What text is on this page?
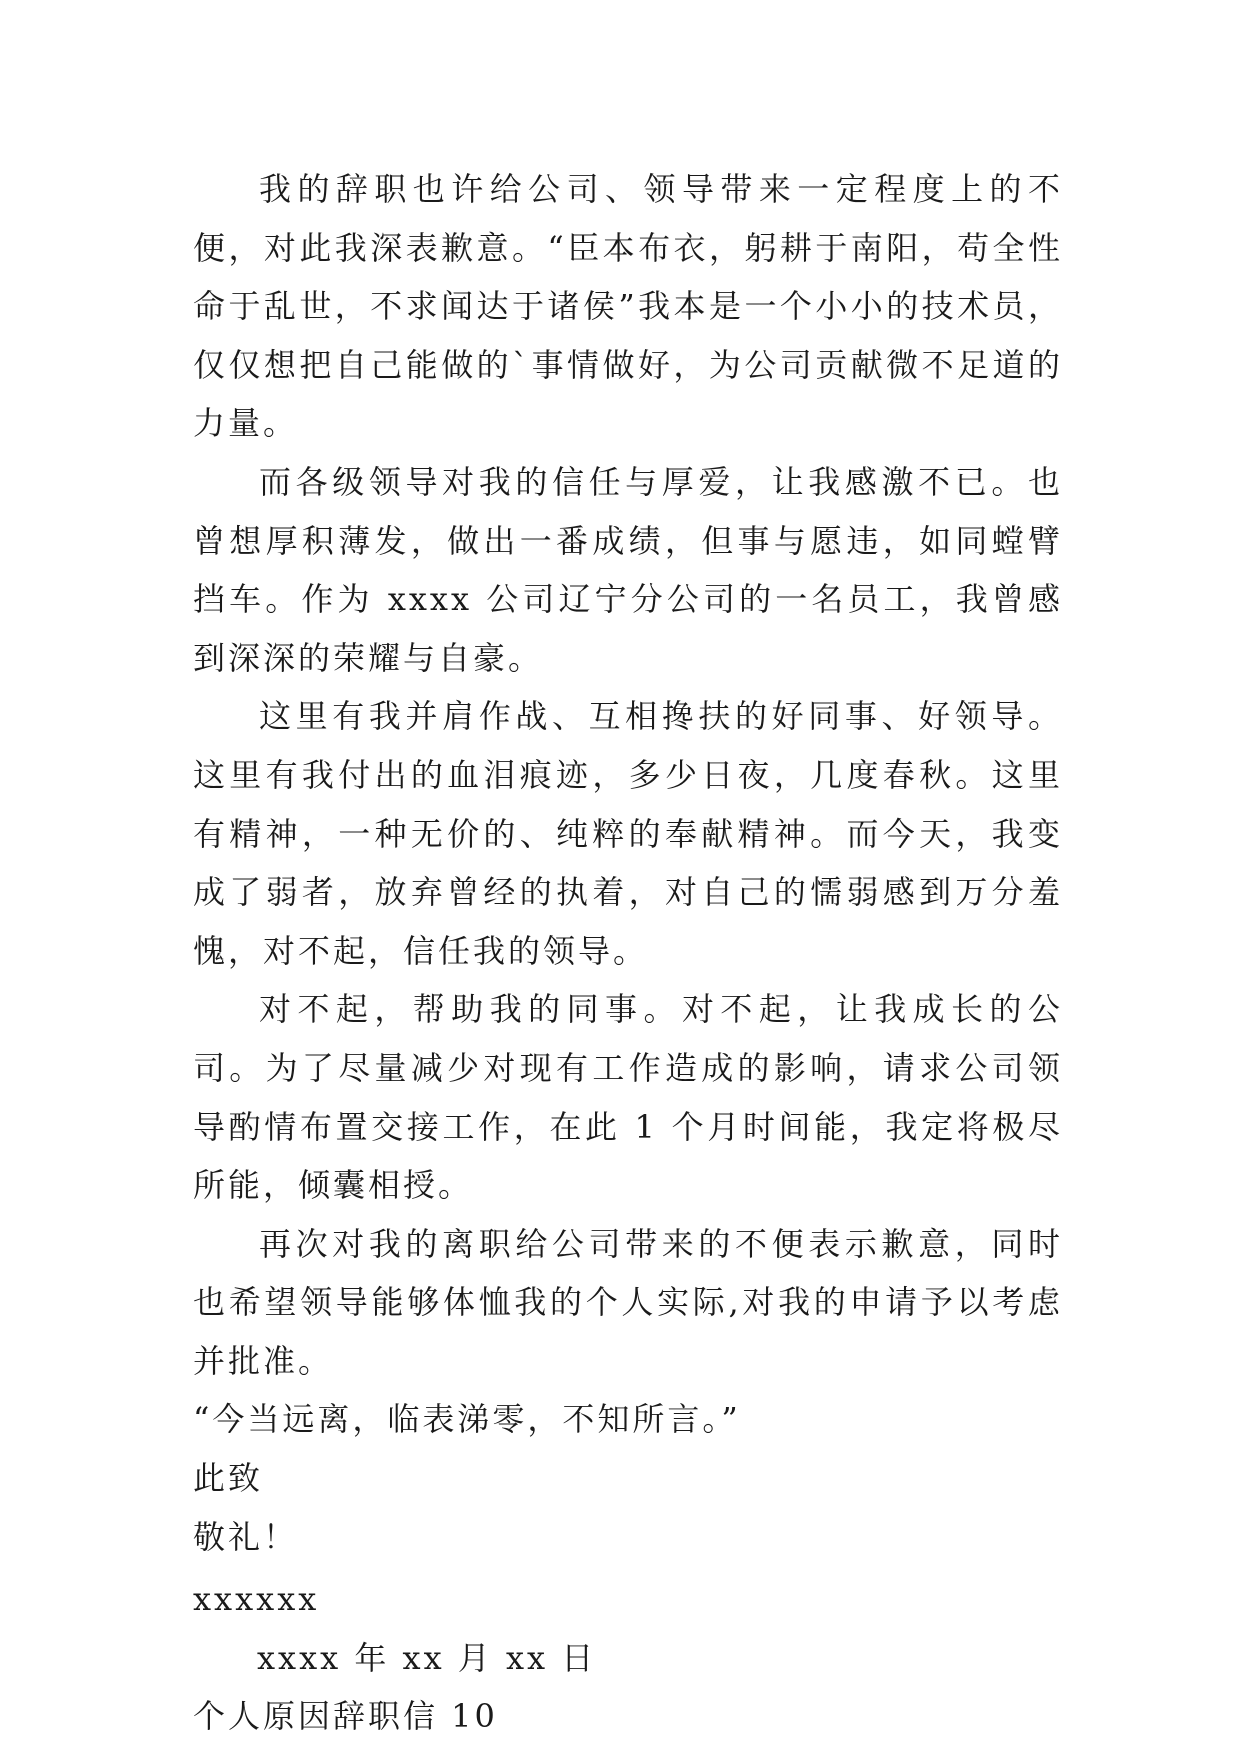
我的辞职也许给公司、领导带来一定程度上的不便，对此我深表歉意。“臣本布衣，躬耕于南阳，苟全性命于乱世，不求闻达于诸侯”我本是一个小小的技术员，仅仅想把自己能做的`事情做好，为公司贡献微不足道的力量。

而各级领导对我的信任与厚爱，让我感激不已。也曾想厚积薄发，做出一番成绩，但事与愿违，如同螳臂挡车。作为 xxxx 公司辽宁分公司的一名员工，我曾感到深深的荣耀与自豪。

这里有我并肩作战、互相搀扶的好同事、好领导。这里有我付出的血泪痕迹，多少日夜，几度春秋。这里有精神，一种无价的、纯粹的奉献精神。而今天，我变成了弱者，放弃曾经的执着，对自己的懦弱感到万分羞愧，对不起，信任我的领导。

对不起，帮助我的同事。对不起，让我成长的公司。为了尽量减少对现有工作造成的影响，请求公司领导酌情布置交接工作，在此 1 个月时间能，我定将极尽所能，倾囊相授。

再次对我的离职给公司带来的不便表示歉意，同时也希望领导能够体恤我的个人实际,对我的申请予以考虑并批准。

“今当远离，临表涕零，不知所言。”

此致

敬礼！

xxxxxx

xxxx 年 xx 月 xx 日

个人原因辞职信 10
